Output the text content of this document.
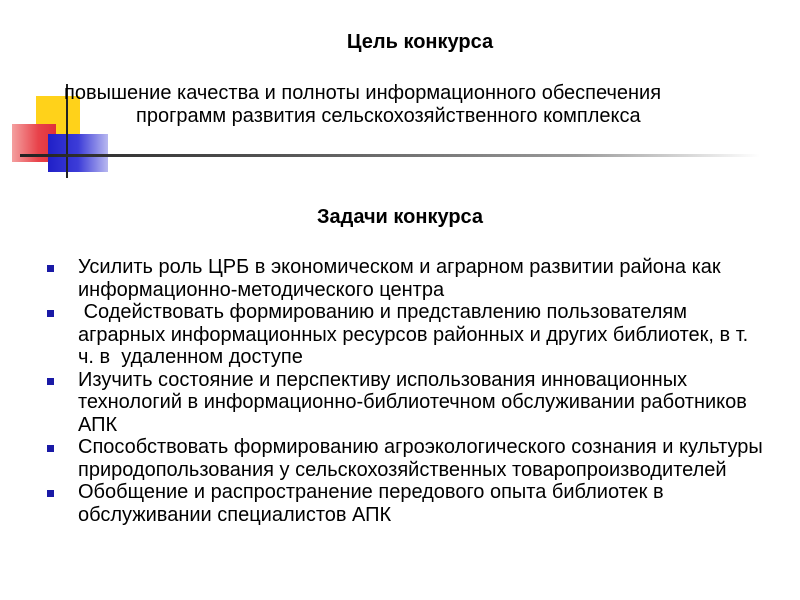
Цель конкурса
повышение качества и полноты информационного обеспечения
программ развития сельскохозяйственного комплекса
Задачи конкурса
Усилить роль ЦРБ в экономическом и аграрном развитии района как информационно-методического центра
Содействовать формированию и представлению пользователям аграрных информационных ресурсов районных и других библиотек, в т. ч. в  удаленном доступе
Изучить состояние и перспективу использования инновационных технологий в информационно-библиотечном обслуживании работников АПК
Способствовать формированию агроэкологического сознания и культуры природопользования у сельскохозяйственных товаропроизводителей
Обобщение и распространение передового опыта библиотек в обслуживании специалистов АПК
